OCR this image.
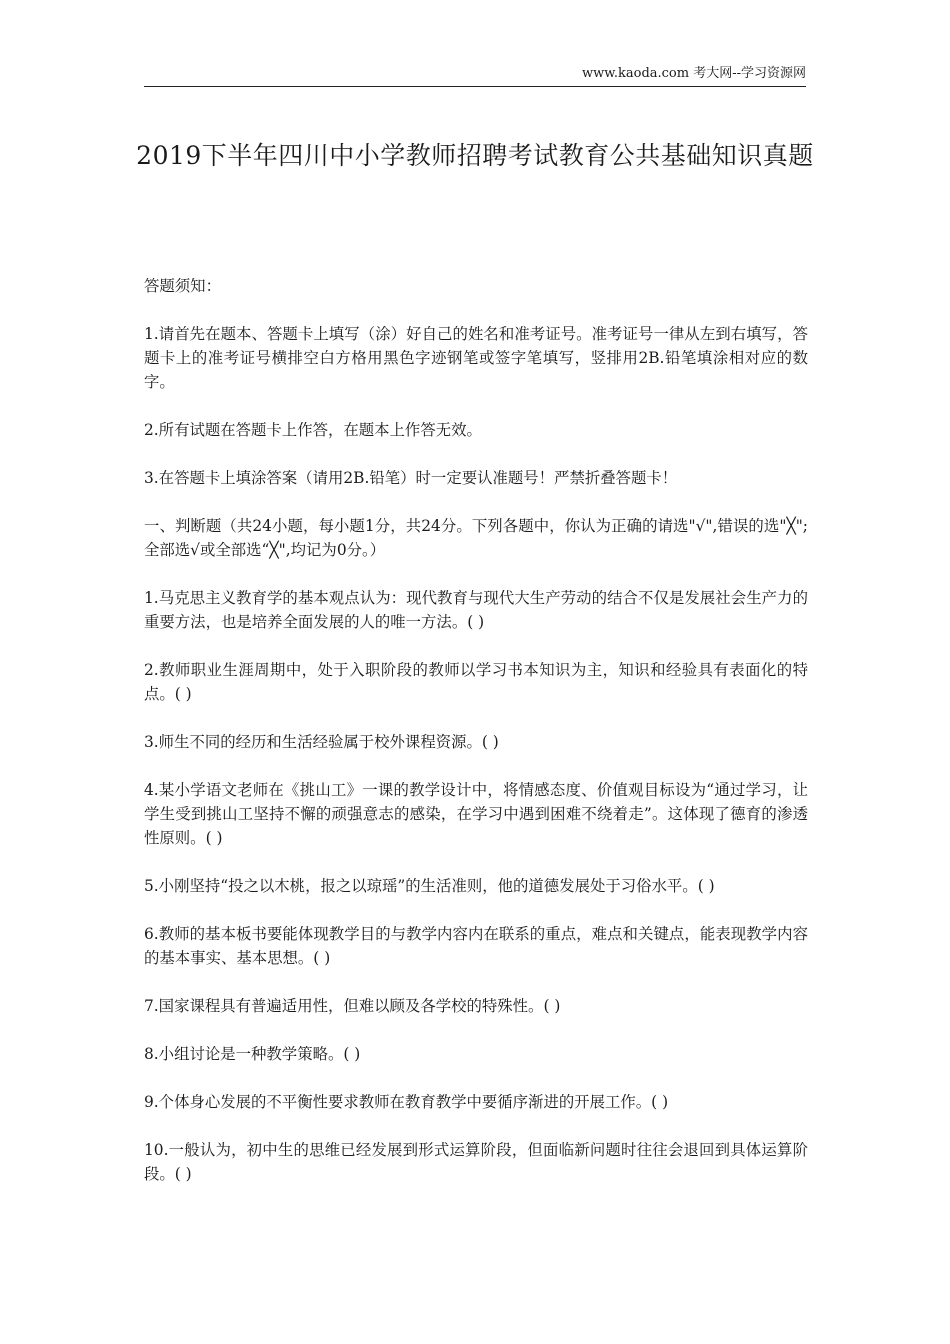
www.kaoda.com 考大网--学习资源网
2019下半年四川中小学教师招聘考试教育公共基础知识真题

答题须知：

1.请首先在题本、答题卡上填写（涂）好自己的姓名和准考证号。准考证号一律从左到右填写，答题卡上的准考证号横排空白方格用黑色字迹钢笔或签字笔填写，竖排用2B.铅笔填涂相对应的数字。

2.所有试题在答题卡上作答，在题本上作答无效。

3.在答题卡上填涂答案（请用2B.铅笔）时一定要认准题号！严禁折叠答题卡！

一、判断题（共24小题，每小题1分，共24分。下列各题中，你认为正确的请选"√",错误的选"╳";全部选√或全部选“╳",均记为0分。）

1.马克思主义教育学的基本观点认为：现代教育与现代大生产劳动的结合不仅是发展社会生产力的重要方法，也是培养全面发展的人的唯一方法。( )

2.教师职业生涯周期中，处于入职阶段的教师以学习书本知识为主，知识和经验具有表面化的特点。( )

3.师生不同的经历和生活经验属于校外课程资源。( )

4.某小学语文老师在《挑山工》一课的教学设计中，将情感态度、价值观目标设为“通过学习，让学生受到挑山工坚持不懈的顽强意志的感染，在学习中遇到困难不绕着走”。这体现了德育的渗透性原则。( )

5.小刚坚持“投之以木桃，报之以琼瑶”的生活准则，他的道德发展处于习俗水平。( )

6.教师的基本板书要能体现教学目的与教学内容内在联系的重点，难点和关键点，能表现教学内容的基本事实、基本思想。( )

7.国家课程具有普遍适用性，但难以顾及各学校的特殊性。( )

8.小组讨论是一种教学策略。( )

9.个体身心发展的不平衡性要求教师在教育教学中要循序渐进的开展工作。( )

10.一般认为，初中生的思维已经发展到形式运算阶段，但面临新问题时往往会退回到具体运算阶段。( )
